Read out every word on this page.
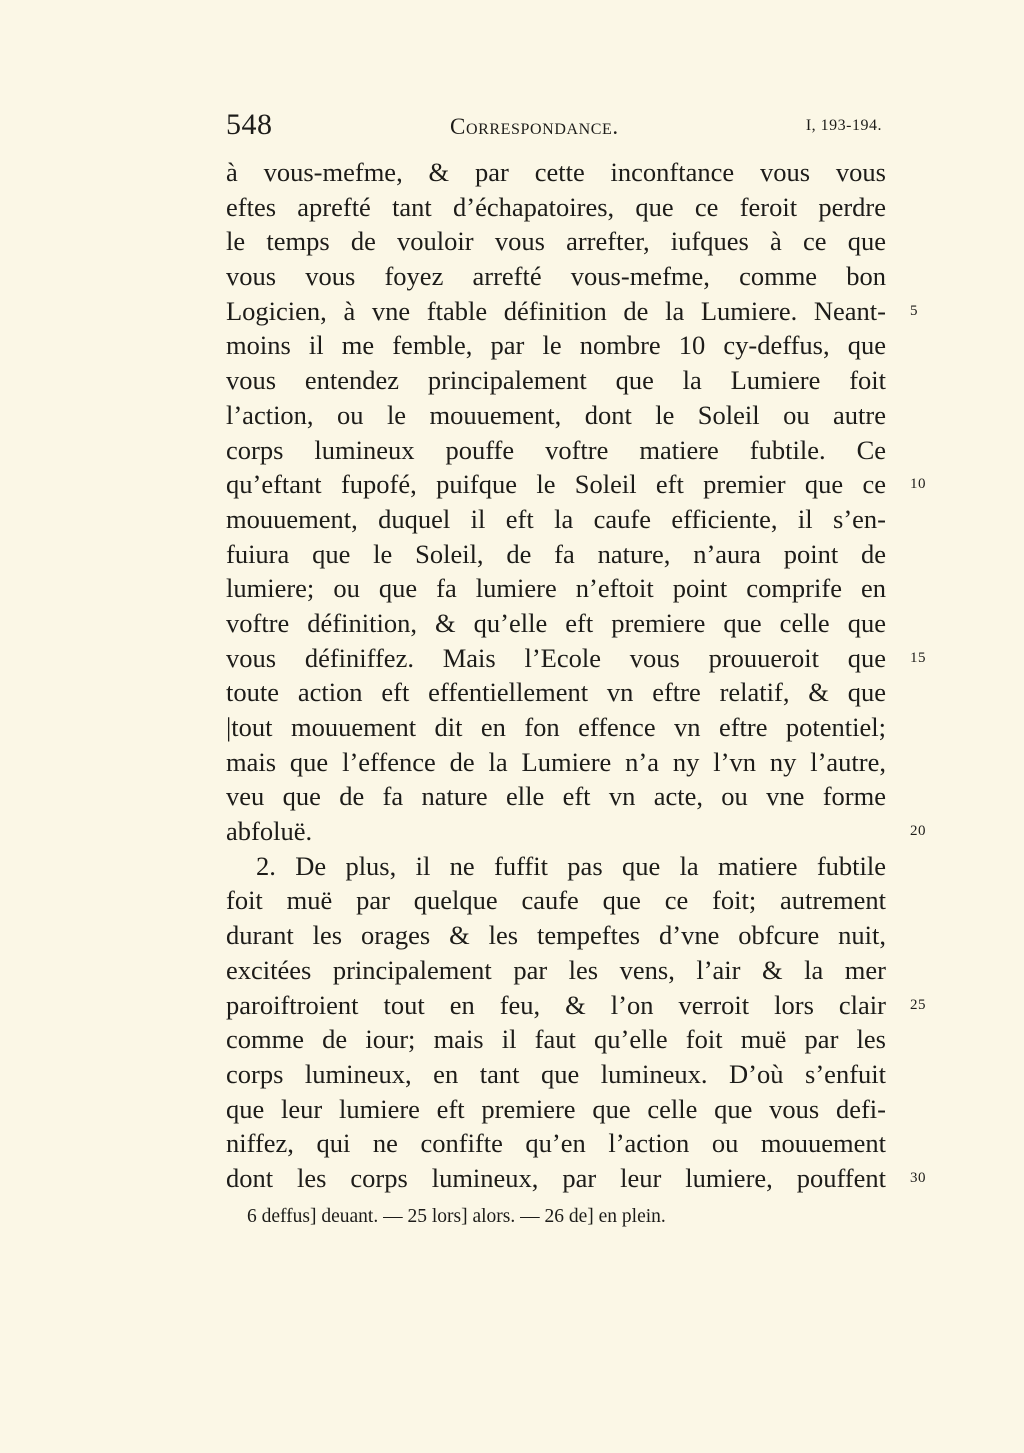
548	Correspondance.	I, 193-194.
à vous-mefme, & par cette inconftance vous vous
eftes aprefté tant d’échapatoires, que ce feroit perdre
le temps de vouloir vous arrefter, iufques à ce que
vous vous foyez arrefté vous-mefme, comme bon
Logicien, à vne ftable définition de la Lumiere. Neant- 5
moins il me femble, par le nombre 10 cy-deffus, que
vous entendez principalement que la Lumiere foit
l’action, ou le mouuement, dont le Soleil ou autre
corps lumineux pouffe voftre matiere fubtile. Ce
qu’eftant fupofé, puifque le Soleil eft premier que ce 10
mouuement, duquel il eft la caufe efficiente, il s’en-
fuiura que le Soleil, de fa nature, n’aura point de
lumiere; ou que fa lumiere n’eftoit point comprife en
voftre définition, & qu’elle eft premiere que celle que
vous définiffez. Mais l’Ecole vous prouueroit que 15
toute action eft effentiellement vn eftre relatif, & que
|tout mouuement dit en fon effence vn eftre potentiel;
mais que l’effence de la Lumiere n’a ny l’vn ny l’autre,
veu que de fa nature elle eft vn acte, ou vne forme
abfoluë.	20
2. De plus, il ne fuffit pas que la matiere fubtile
foit muë par quelque caufe que ce foit; autrement
durant les orages & les tempeftes d’vne obfcure nuit,
excitées principalement par les vens, l’air & la mer
paroiftroient tout en feu, & l’on verroit lors clair 25
comme de iour; mais il faut qu’elle foit muë par les
corps lumineux, en tant que lumineux. D’où s’enfuit
que leur lumiere eft premiere que celle que vous defi-
niffez, qui ne confifte qu’en l’action ou mouuement
dont les corps lumineux, par leur lumiere, pouffent 30
6 deffus] deuant. — 25 lors] alors. — 26 de] en plein.
